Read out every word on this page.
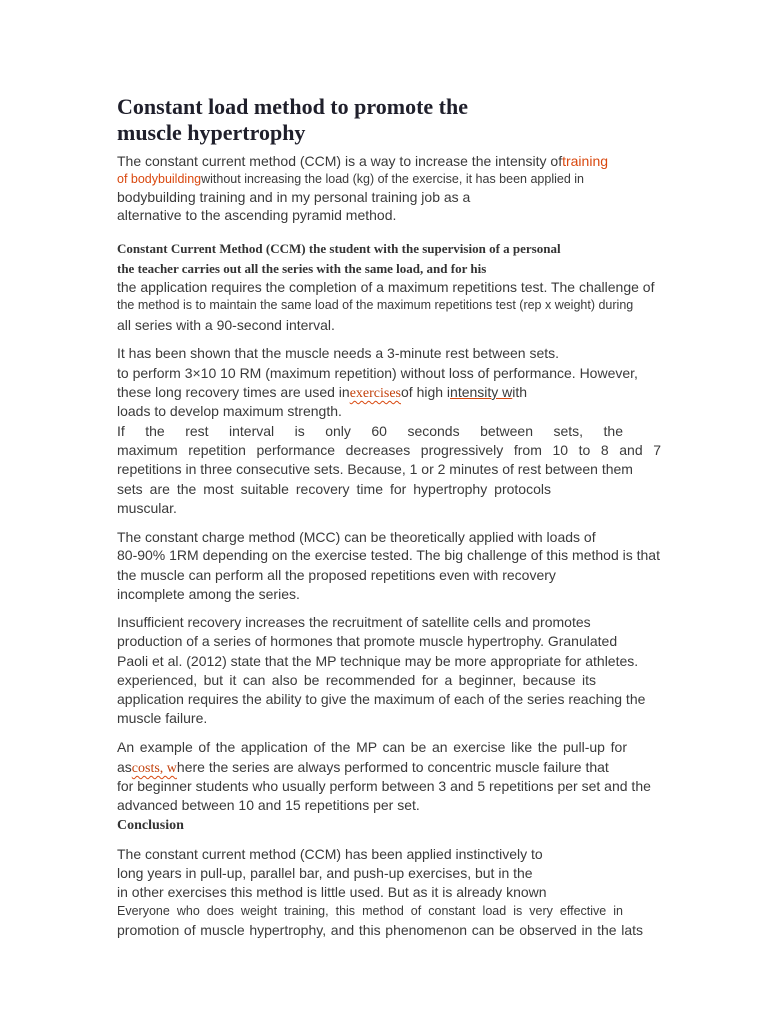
Constant load method to promote the
muscle hypertrophy
The constant current method (CCM) is a way to increase the intensity oftraining
of bodybuildingwithout increasing the load (kg) of the exercise, it has been applied in
bodybuilding training and in my personal training job as a
alternative to the ascending pyramid method.
Constant Current Method (CCM) the student with the supervision of a personal
the teacher carries out all the series with the same load, and for his
the application requires the completion of a maximum repetitions test. The challenge of
the method is to maintain the same load of the maximum repetitions test (rep x weight) during
all series with a 90-second interval.
It has been shown that the muscle needs a 3-minute rest between sets.
to perform 3×10 10 RM (maximum repetition) without loss of performance. However,
these long recovery times are used inexercisesof high intensity with
loads to develop maximum strength.
If the rest interval is only 60 seconds between sets, the
maximum repetition performance decreases progressively from 10 to 8 and 7
repetitions in three consecutive sets. Because, 1 or 2 minutes of rest between them
sets are the most suitable recovery time for hypertrophy protocols
muscular.
The constant charge method (MCC) can be theoretically applied with loads of
80-90% 1RM depending on the exercise tested. The big challenge of this method is that
the muscle can perform all the proposed repetitions even with recovery
incomplete among the series.
Insufficient recovery increases the recruitment of satellite cells and promotes
production of a series of hormones that promote muscle hypertrophy. Granulated
Paoli et al. (2012) state that the MP technique may be more appropriate for athletes.
experienced, but it can also be recommended for a beginner, because its
application requires the ability to give the maximum of each of the series reaching the
muscle failure.
An example of the application of the MP can be an exercise like the pull-up for
ascosts, where the series are always performed to concentric muscle failure that
for beginner students who usually perform between 3 and 5 repetitions per set and the
advanced between 10 and 15 repetitions per set.
Conclusion
The constant current method (CCM) has been applied instinctively to
long years in pull-up, parallel bar, and push-up exercises, but in the
in other exercises this method is little used. But as it is already known
Everyone who does weight training, this method of constant load is very effective in
promotion of muscle hypertrophy, and this phenomenon can be observed in the lats
